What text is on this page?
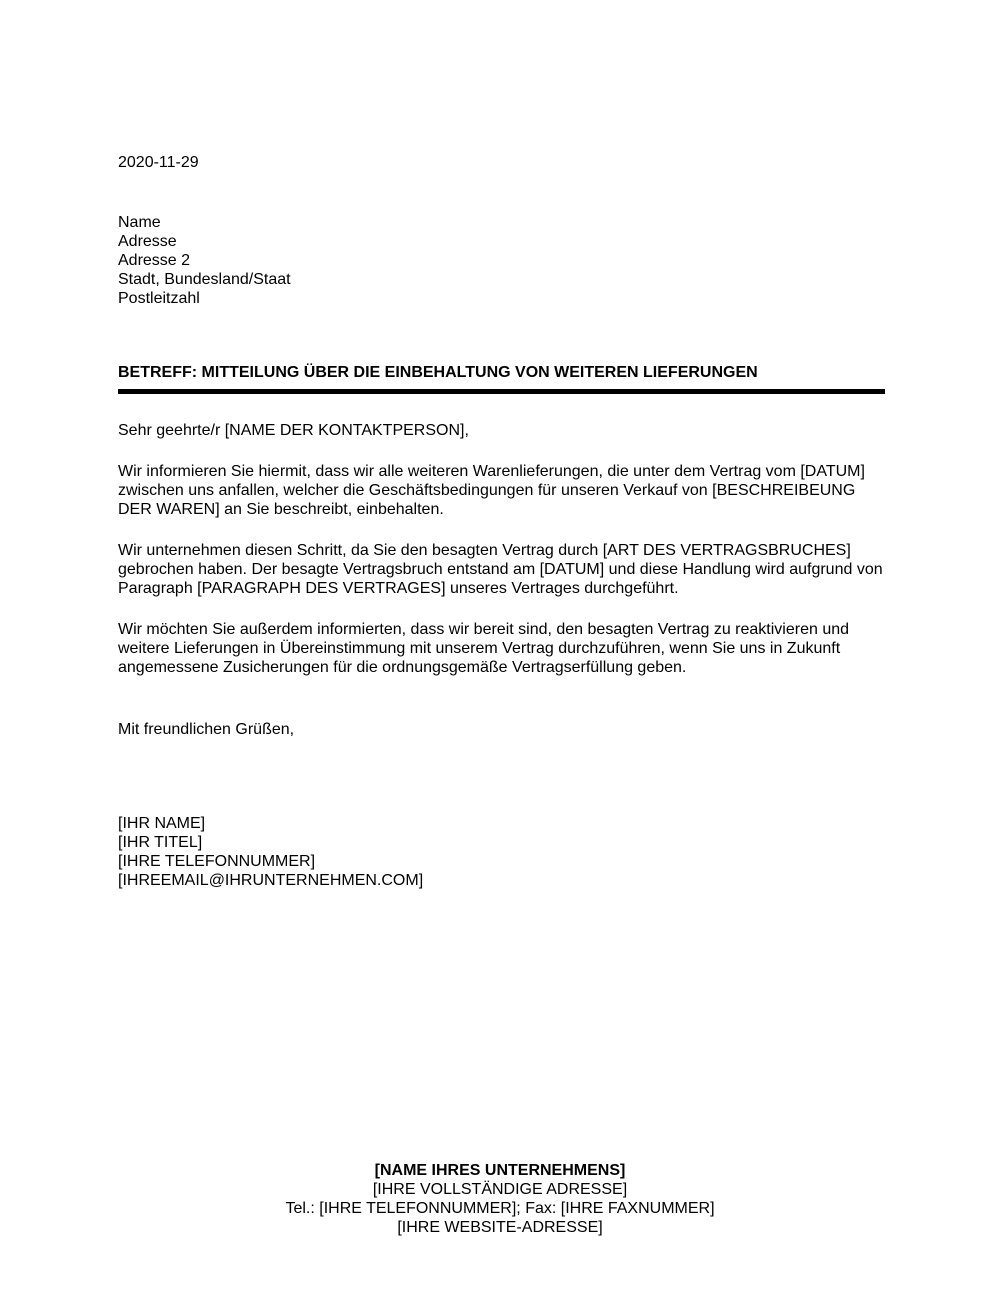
2020-11-29
Name
Adresse
Adresse 2
Stadt, Bundesland/Staat
Postleitzahl
BETREFF: MITTEILUNG ÜBER DIE EINBEHALTUNG VON WEITEREN LIEFERUNGEN
Sehr geehrte/r [NAME DER KONTAKTPERSON],
Wir informieren Sie hiermit, dass wir alle weiteren Warenlieferungen, die unter dem Vertrag vom [DATUM] zwischen uns anfallen, welcher die Geschäftsbedingungen für unseren Verkauf von [BESCHREIBEUNG DER WAREN] an Sie beschreibt, einbehalten.
Wir unternehmen diesen Schritt, da Sie den besagten Vertrag durch [ART DES VERTRAGSBRUCHES] gebrochen haben. Der besagte Vertragsbruch entstand am [DATUM] und diese Handlung wird aufgrund von Paragraph [PARAGRAPH DES VERTRAGES] unseres Vertrages durchgeführt.
Wir möchten Sie außerdem informierten, dass wir bereit sind, den besagten Vertrag zu reaktivieren und weitere Lieferungen in Übereinstimmung mit unserem Vertrag durchzuführen, wenn Sie uns in Zukunft angemessene Zusicherungen für die ordnungsgemäße Vertragserfüllung geben.
Mit freundlichen Grüßen,
[IHR NAME]
[IHR TITEL]
[IHRE TELEFONNUMMER]
[IHREEMAIL@IHRUNTERNEHMEN.COM]
[NAME IHRES UNTERNEHMENS]
[IHRE VOLLSTÄNDIGE ADRESSE]
Tel.: [IHRE TELEFONNUMMER]; Fax: [IHRE FAXNUMMER]
[IHRE WEBSITE-ADRESSE]
